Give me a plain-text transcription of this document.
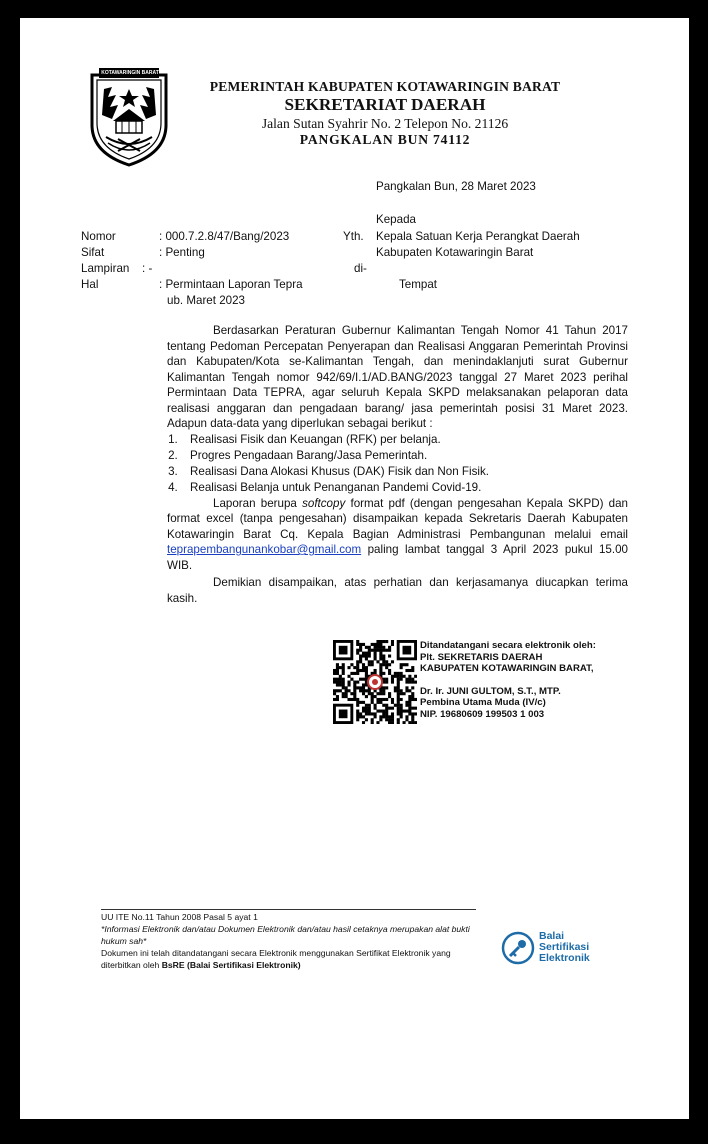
KOTAWARINGIN BARAT
PEMERINTAH KABUPATEN KOTAWARINGIN BARAT
SEKRETARIAT DAERAH
Jalan Sutan Syahrir No. 2 Telepon No. 21126
PANGKALAN BUN 74112
Pangkalan Bun, 28 Maret 2023
Kepada
Yth. Kepala Satuan Kerja Perangkat Daerah
Kabupaten Kotawaringin Barat
di-
Tempat
Nomor	: 000.7.2.8/47/Bang/2023
Sifat	: Penting
Lampiran : -
Hal	: Permintaan Laporan Tepra
ub. Maret 2023

Berdasarkan Peraturan Gubernur Kalimantan Tengah Nomor 41 Tahun 2017 tentang Pedoman Percepatan Penyerapan dan Realisasi Anggaran Pemerintah Provinsi dan Kabupaten/Kota se-Kalimantan Tengah, dan menindaklanjuti surat Gubernur Kalimantan Tengah nomor 942/69/I.1/AD.BANG/2023 tanggal 27 Maret 2023 perihal Permintaan Data TEPRA, agar seluruh Kepala SKPD melaksanakan pelaporan data realisasi anggaran dan pengadaan barang/ jasa pemerintah posisi 31 Maret 2023. Adapun data-data yang diperlukan sebagai berikut :

1. Realisasi Fisik dan Keuangan (RFK) per belanja.
2. Progres Pengadaan Barang/Jasa Pemerintah.
3. Realisasi Dana Alokasi Khusus (DAK) Fisik dan Non Fisik.
4. Realisasi Belanja untuk Penanganan Pandemi Covid-19.

Laporan berupa softcopy format pdf (dengan pengesahan Kepala SKPD) dan format excel (tanpa pengesahan) disampaikan kepada Sekretaris Daerah Kabupaten Kotawaringin Barat Cq. Kepala Bagian Administrasi Pembangunan melalui email teprapembangunankobar@gmail.com paling lambat tanggal 3 April 2023 pukul 15.00 WIB.

Demikian disampaikan, atas perhatian dan kerjasamanya diucapkan terima kasih.

Ditandatangani secara elektronik oleh:
Plt. SEKRETARIS DAERAH
KABUPATEN KOTAWARINGIN BARAT,
Dr. Ir. JUNI GULTOM, S.T., MTP.
Pembina Utama Muda (IV/c)
NIP. 19680609 199503 1 003
UU ITE No.11 Tahun 2008 Pasal 5 ayat 1
*Informasi Elektronik dan/atau Dokumen Elektronik dan/atau hasil cetaknya merupakan alat bukti hukum sah*
Dokumen ini telah ditandatangani secara Elektronik menggunakan Sertifikat Elektronik yang diterbitkan oleh BsRE (Balai Sertifikasi Elektronik)
Balai
Sertifikasi
Elektronik
